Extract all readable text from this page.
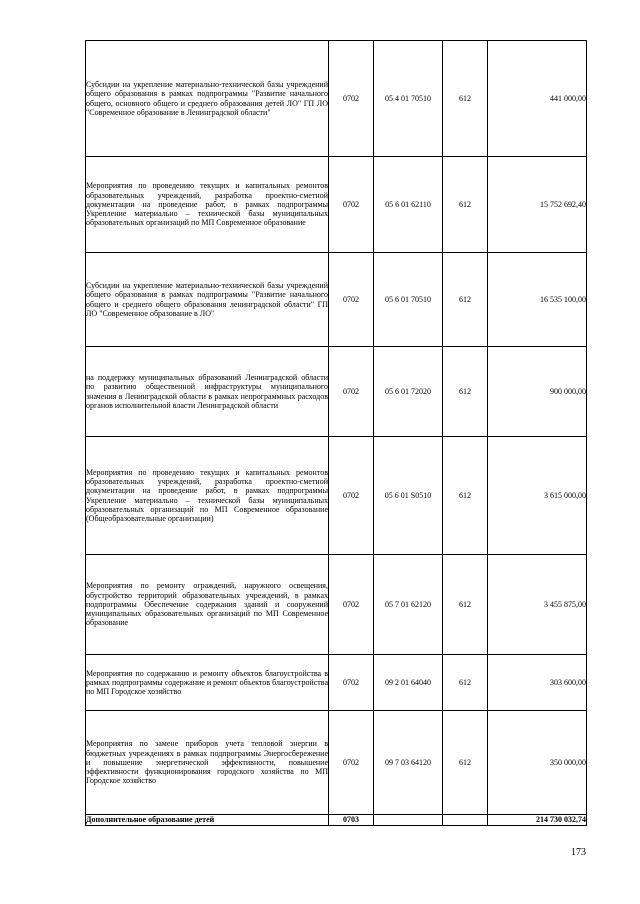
Субсидии на укрепление материально-технической базы учреждений общего образования в рамках подпрограммы "Развитие начального общего, основного общего и среднего образования детей ЛО" ГП ЛО "Современное образование в Ленинградской области"	0702	05 4 01 70510	612	441 000,00
Мероприятия по проведению текущих и капитальных ремонтов образовательных учреждений, разработка проектно-сметной документации на проведение работ, в рамках подпрограммы Укрепление материально – технической базы муниципальных образовательных организаций по МП Современное образование	0702	05 6 01 62110	612	15 752 692,40
Субсидии на укрепление материально-технической базы учреждений общего образования в рамках подпрограммы "Развитие начального общего и среднего общего образования ленинградской области" ГП ЛО "Современное образование в ЛО"	0702	05 6 01 70510	612	16 535 100,00
на поддержку муниципальных образований Ленинградской области по развитию общественной инфраструктуры муниципального значения в Ленинградской области в рамках непрограммных расходов органов исполнительной власти Ленинградской области	0702	05 6 01 72020	612	900 000,00
Мероприятия по проведению текущих и капитальных ремонтов образовательных учреждений, разработка проектно-сметной документации на проведение работ, в рамках подпрограммы Укрепление материально – технической базы муниципальных образовательных организаций по МП Современное образование (Общеобразовательные организации)	0702	05 6 01 S0510	612	3 615 000,00
Мероприятия по ремонту ограждений, наружного освещения, обустройство территорий образовательных учреждений, в рамках подпрограммы Обеспечение содержания зданий и сооружений муниципальных образовательных организаций по МП Современное образование	0702	05 7 01 62120	612	3 455 875,00
Мероприятия по содержанию и ремонту объектов благоустройства в рамках подпрограммы содержание и ремонт объектов благоустройства по МП Городское хозяйство	0702	09 2 01 64040	612	303 600,00
Мероприятия по замене приборов учета тепловой энергии в бюджетных учреждениях в рамках подпрограммы Энергосбережение и повышение энергетической эффективности, повышение эффективности функционирования городского хозяйства по МП Городское хозяйство	0702	09 7 03 64120	612	350 000,00
Дополнительное образование детей	0703			214 730 032,74
173
